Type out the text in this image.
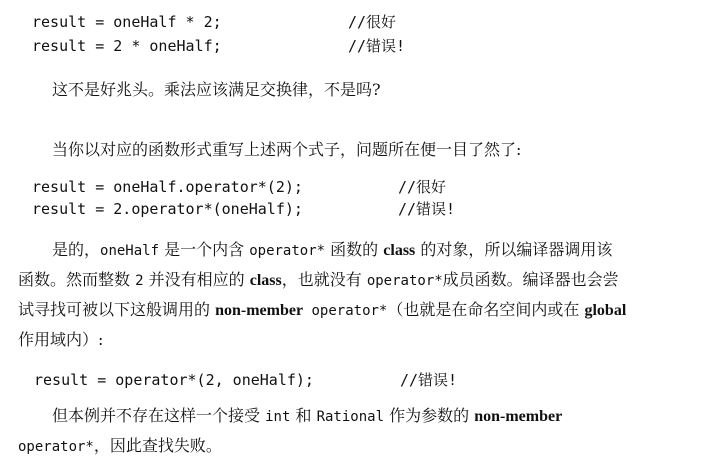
result = oneHalf * 2;	//很好
result = 2 * oneHalf;	//错误!
这不是好兆头。乘法应该满足交换律，不是吗?
当你以对应的函数形式重写上述两个式子，问题所在便一目了然了:
result = oneHalf.operator*(2);	//很好
result = 2.operator*(oneHalf);	//错误!
是的，oneHalf 是一个内含 operator* 函数的 class 的对象，所以编译器调用该
函数。然而整数 2 并没有相应的 class，也就没有 operator*成员函数。编译器也会尝
试寻找可被以下这般调用的 non-member operator*（也就是在命名空间内或在 global
作用域内）:
result = operator*(2, oneHalf);	//错误!
但本例并不存在这样一个接受 int 和 Rational 作为参数的 non-member
operator*，因此查找失败。
